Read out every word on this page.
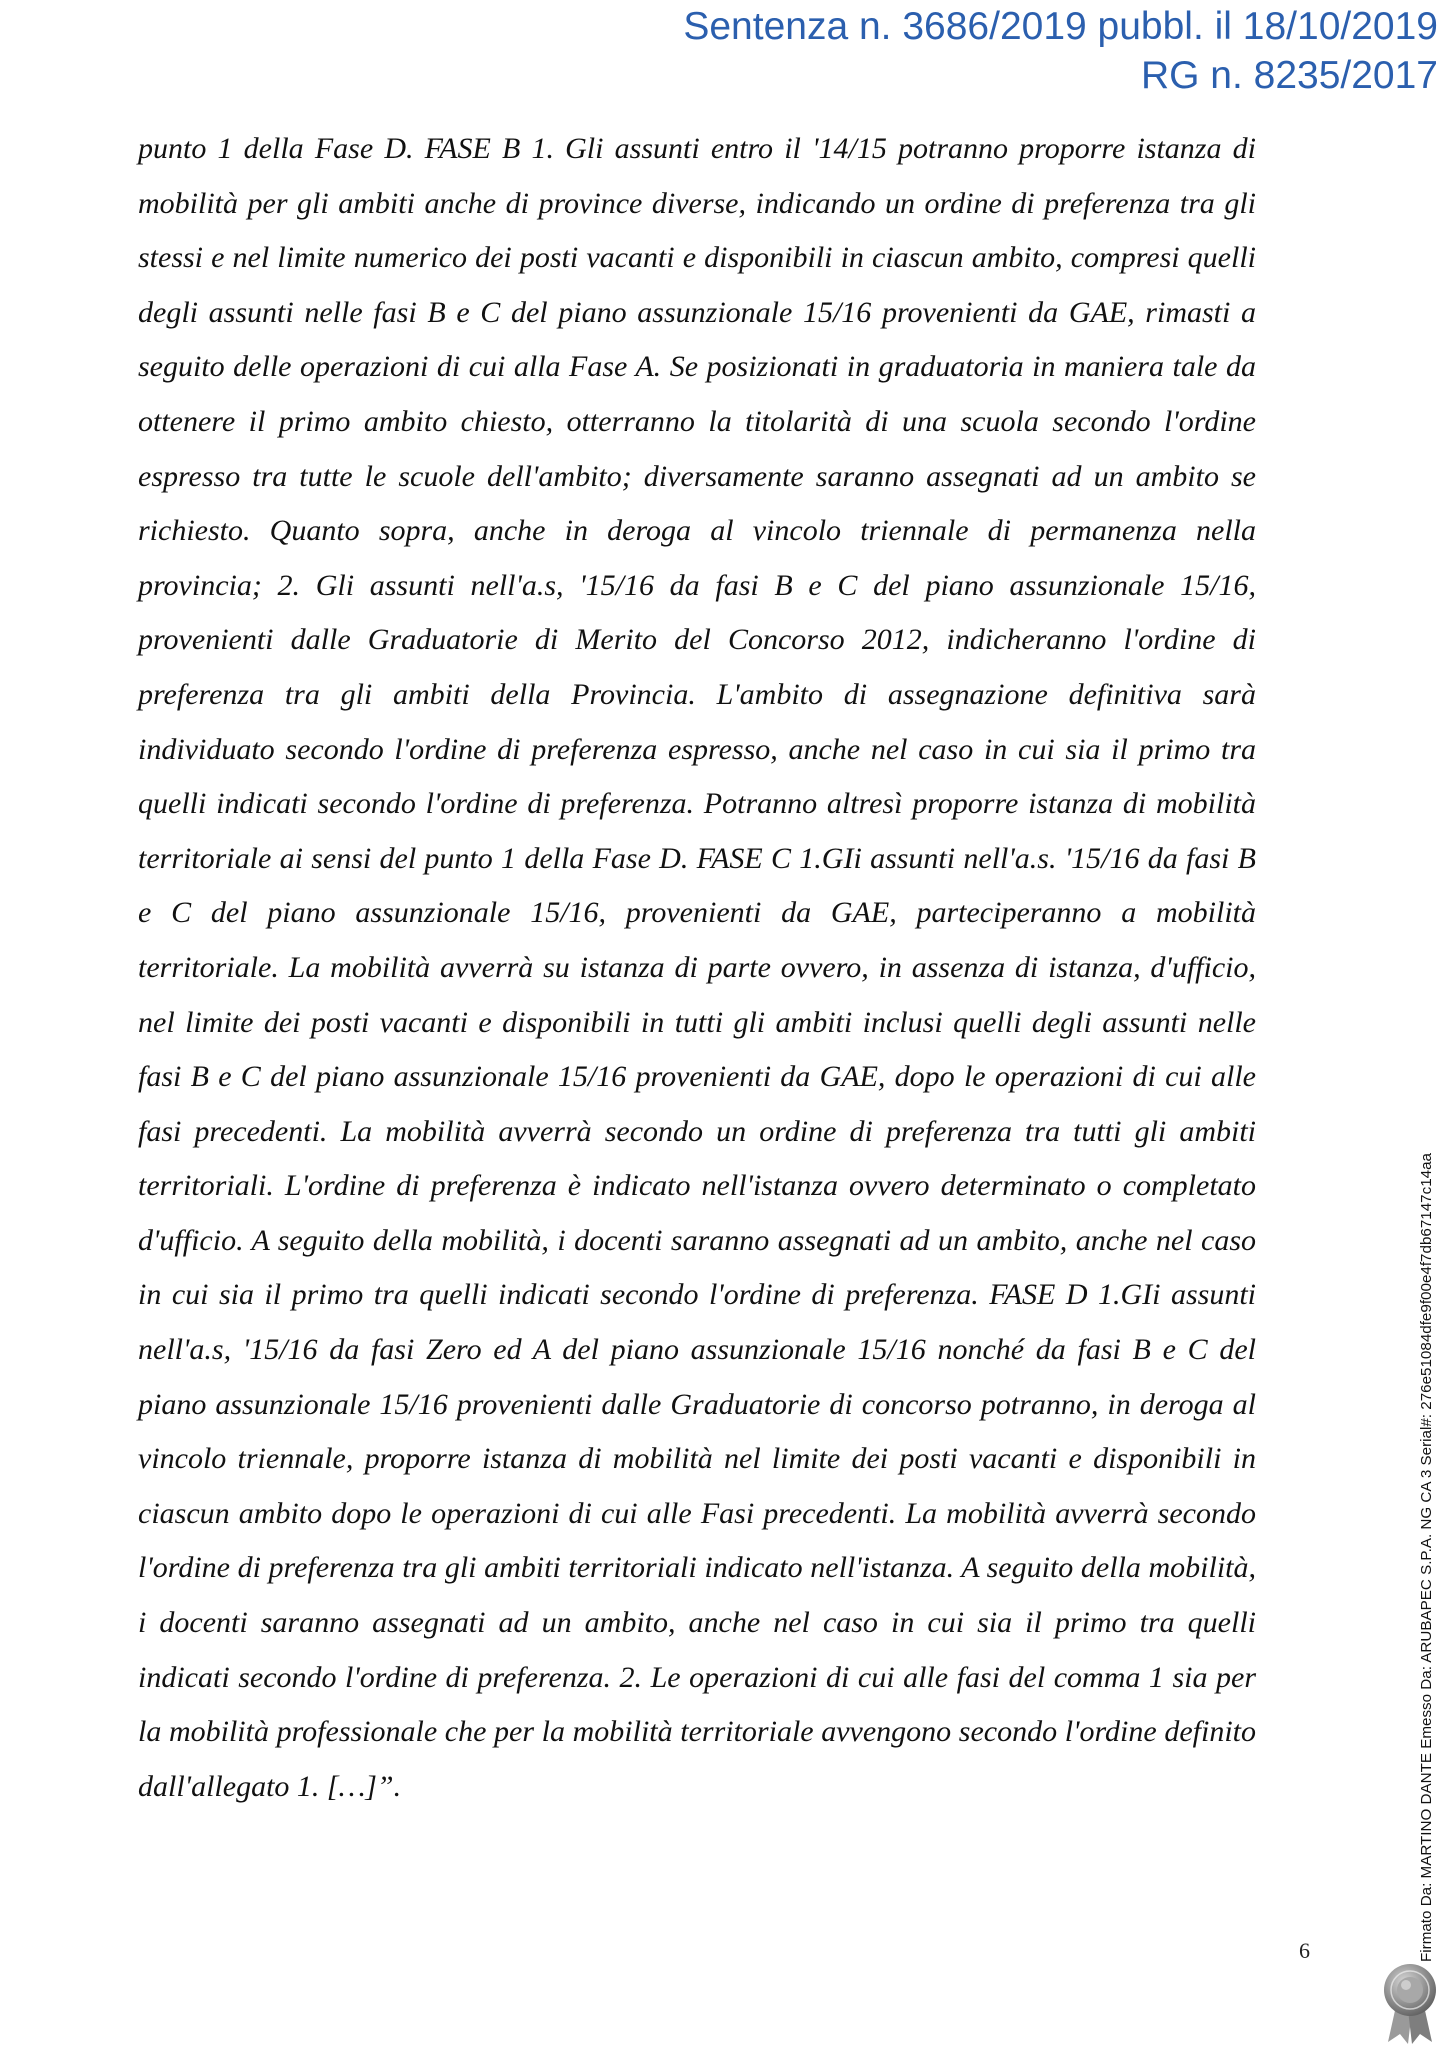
Sentenza n. 3686/2019 pubbl. il 18/10/2019
RG n. 8235/2017

punto 1 della Fase D. FASE B 1. Gli assunti entro il '14/15 potranno proporre istanza di mobilità per gli ambiti anche di province diverse, indicando un ordine di preferenza tra gli stessi e nel limite numerico dei posti vacanti e disponibili in ciascun ambito, compresi quelli degli assunti nelle fasi B e C del piano assunzionale 15/16 provenienti da GAE, rimasti a seguito delle operazioni di cui alla Fase A. Se posizionati in graduatoria in maniera tale da ottenere il primo ambito chiesto, otterranno la titolarità di una scuola secondo l'ordine espresso tra tutte le scuole dell'ambito; diversamente saranno assegnati ad un ambito se richiesto. Quanto sopra, anche in deroga al vincolo triennale di permanenza nella provincia; 2. Gli assunti nell'a.s, '15/16 da fasi B e C del piano assunzionale 15/16, provenienti dalle Graduatorie di Merito del Concorso 2012, indicheranno l'ordine di preferenza tra gli ambiti della Provincia. L'ambito di assegnazione definitiva sarà individuato secondo l'ordine di preferenza espresso, anche nel caso in cui sia il primo tra quelli indicati secondo l'ordine di preferenza. Potranno altresì proporre istanza di mobilità territoriale ai sensi del punto 1 della Fase D. FASE C 1.GIi assunti nell'a.s. '15/16 da fasi B e C del piano assunzionale 15/16, provenienti da GAE, parteciperanno a mobilità territoriale. La mobilità avverrà su istanza di parte ovvero, in assenza di istanza, d'ufficio, nel limite dei posti vacanti e disponibili in tutti gli ambiti inclusi quelli degli assunti nelle fasi B e C del piano assunzionale 15/16 provenienti da GAE, dopo le operazioni di cui alle fasi precedenti. La mobilità avverrà secondo un ordine di preferenza tra tutti gli ambiti territoriali. L'ordine di preferenza è indicato nell'istanza ovvero determinato o completato d'ufficio. A seguito della mobilità, i docenti saranno assegnati ad un ambito, anche nel caso in cui sia il primo tra quelli indicati secondo l'ordine di preferenza. FASE D 1.GIi assunti nell'a.s, '15/16 da fasi Zero ed A del piano assunzionale 15/16 nonché da fasi B e C del piano assunzionale 15/16 provenienti dalle Graduatorie di concorso potranno, in deroga al vincolo triennale, proporre istanza di mobilità nel limite dei posti vacanti e disponibili in ciascun ambito dopo le operazioni di cui alle Fasi precedenti. La mobilità avverrà secondo l'ordine di preferenza tra gli ambiti territoriali indicato nell'istanza. A seguito della mobilità, i docenti saranno assegnati ad un ambito, anche nel caso in cui sia il primo tra quelli indicati secondo l'ordine di preferenza. 2. Le operazioni di cui alle fasi del comma 1 sia per la mobilità professionale che per la mobilità territoriale avvengono secondo l'ordine definito dall'allegato 1. […]”.

6	Firmato Da: MARTINO DANTE Emesso Da: ARUBAPEC S.P.A. NG CA 3 Serial#: 276e51084dfe9f00e4f7db67147c14aa
